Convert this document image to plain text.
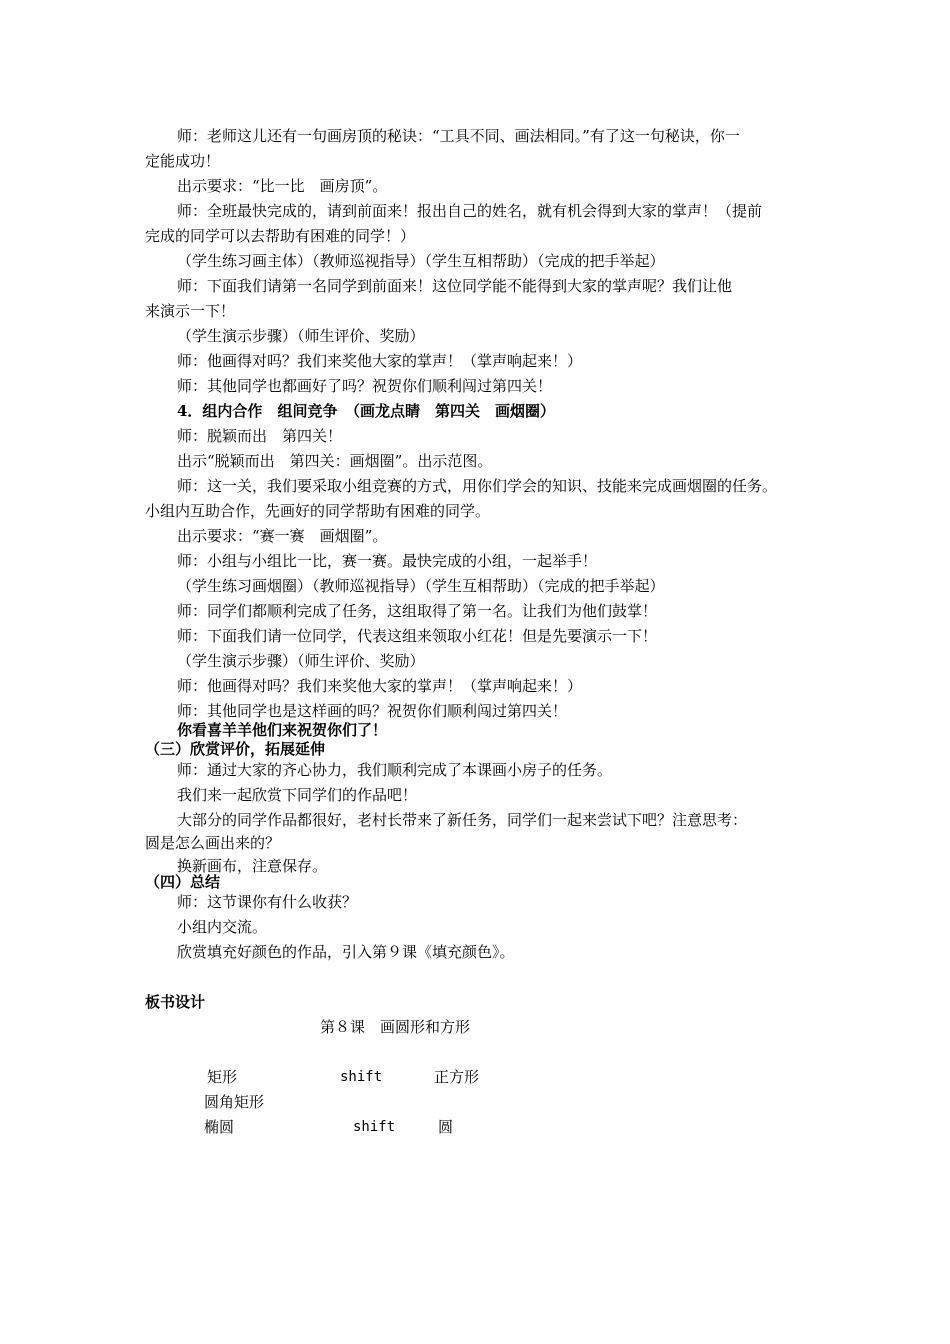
师：老师这儿还有一句画房顶的秘诀：“工具不同、画法相同。”有了这一句秘诀，你一
定能成功！
出示要求：“比一比　画房顶”。
师：全班最快完成的，请到前面来！报出自己的姓名，就有机会得到大家的掌声！（提前
完成的同学可以去帮助有困难的同学！）
（学生练习画主体）（教师巡视指导）（学生互相帮助）（完成的把手举起）
师：下面我们请第一名同学到前面来！这位同学能不能得到大家的掌声呢？我们让他
来演示一下！
（学生演示步骤）（师生评价、奖励）
师：他画得对吗？我们来奖他大家的掌声！（掌声响起来！）
师：其他同学也都画好了吗？祝贺你们顺利闯过第四关！
4．组内合作　组间竞争　（画龙点睛　第四关　画烟圈）
师：脱颖而出　第四关！
出示“脱颖而出　第四关：画烟圈”。出示范图。
师：这一关，我们要采取小组竞赛的方式，用你们学会的知识、技能来完成画烟圈的任务。
小组内互助合作，先画好的同学帮助有困难的同学。
出示要求：“赛一赛　画烟圈”。
师：小组与小组比一比，赛一赛。最快完成的小组，一起举手！
（学生练习画烟圈）（教师巡视指导）（学生互相帮助）（完成的把手举起）
师：同学们都顺利完成了任务，这组取得了第一名。让我们为他们鼓掌！
师：下面我们请一位同学，代表这组来领取小红花！但是先要演示一下！
（学生演示步骤）（师生评价、奖励）
师：他画得对吗？我们来奖他大家的掌声！（掌声响起来！）
师：其他同学也是这样画的吗？祝贺你们顺利闯过第四关！
你看喜羊羊他们来祝贺你们了！
（三）欣赏评价，拓展延伸
师：通过大家的齐心协力，我们顺利完成了本课画小房子的任务。
我们来一起欣赏下同学们的作品吧！
大部分的同学作品都很好，老村长带来了新任务，同学们一起来尝试下吧？注意思考：
圆是怎么画出来的？
换新画布，注意保存。
（四）总结
师：这节课你有什么收获？
小组内交流。
欣赏填充好颜色的作品，引入第９课《填充颜色》。
板书设计
第８课　画圆形和方形
矩形	shift	正方形
圆角矩形
椭圆	shift	圆
